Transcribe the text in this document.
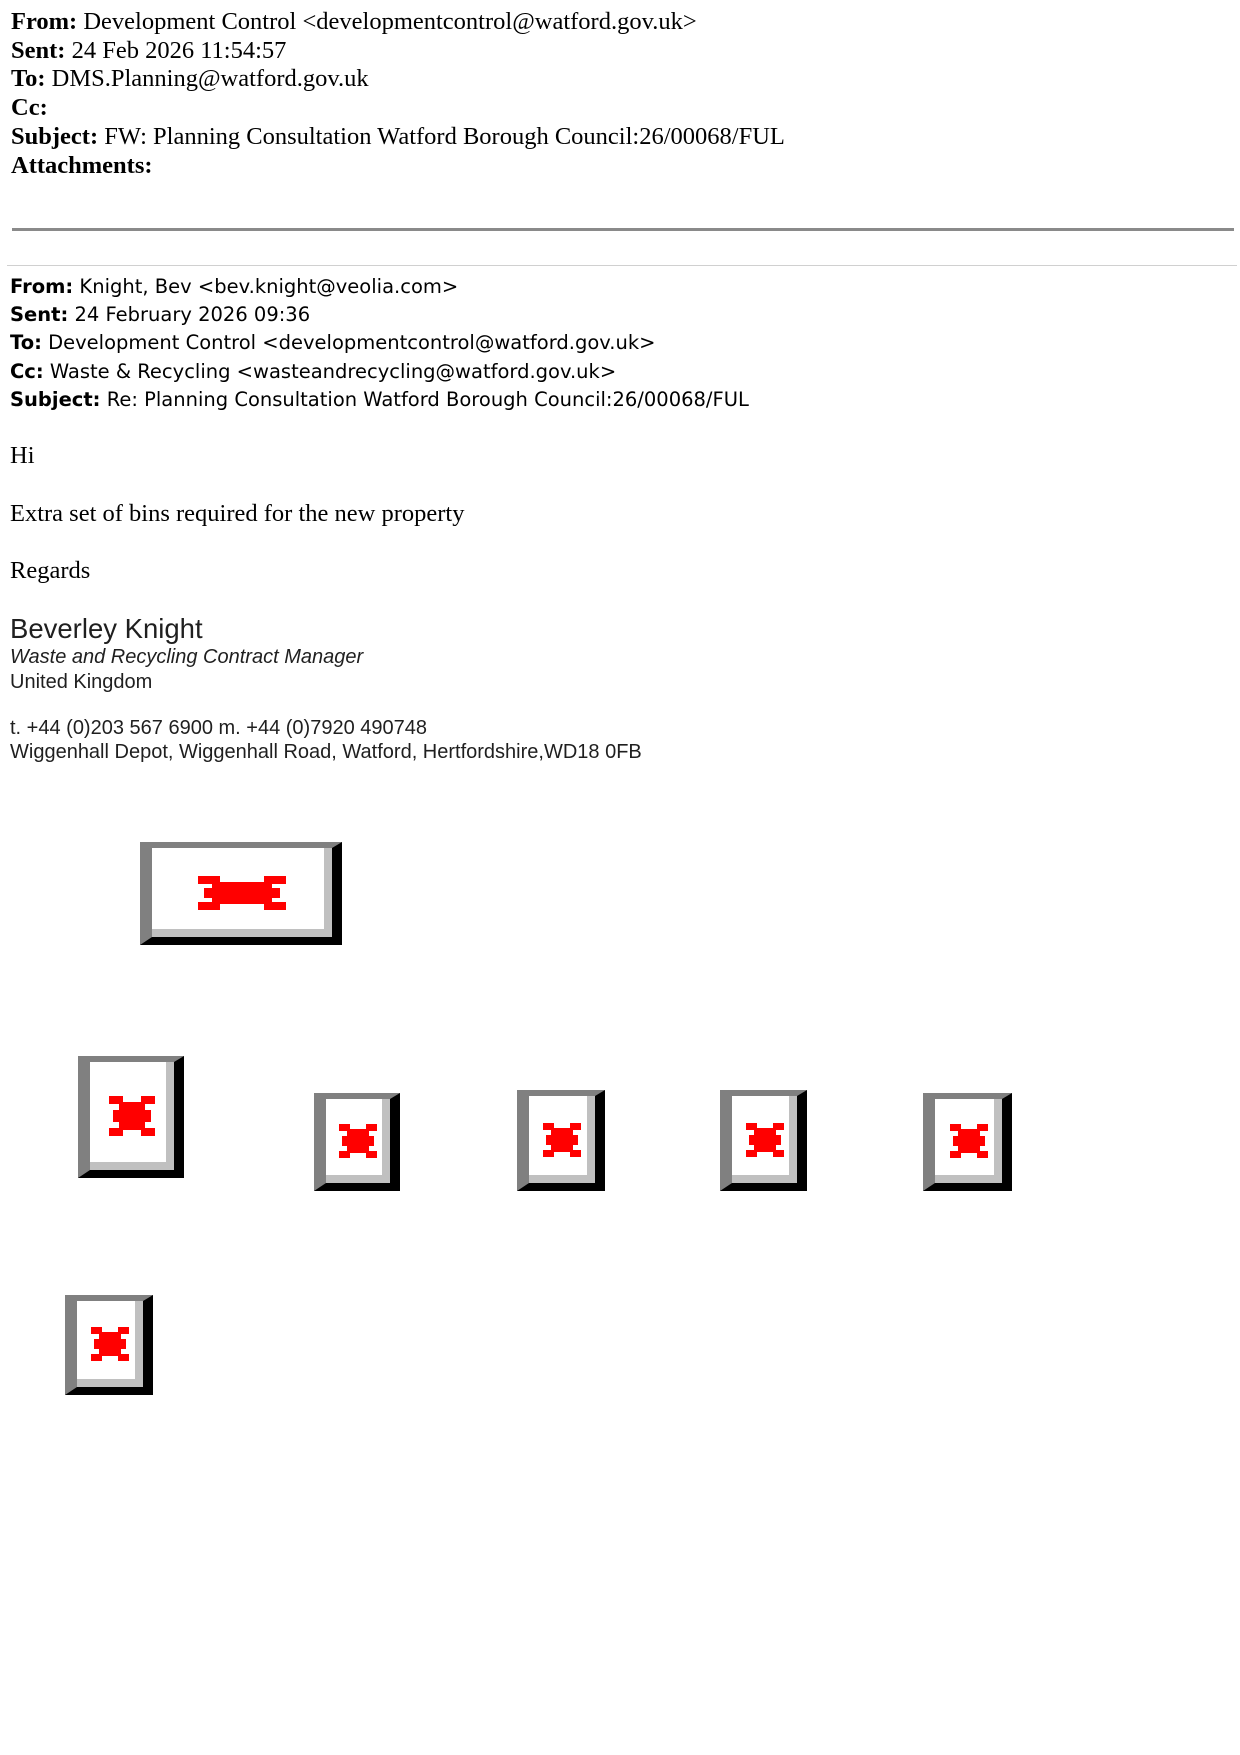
From: Development Control <developmentcontrol@watford.gov.uk>
Sent: 24 Feb 2026 11:54:57
To: DMS.Planning@watford.gov.uk
Cc:
Subject: FW: Planning Consultation Watford Borough Council:26/00068/FUL
Attachments:
From: Knight, Bev <bev.knight@veolia.com>
Sent: 24 February 2026 09:36
To: Development Control <developmentcontrol@watford.gov.uk>
Cc: Waste & Recycling <wasteandrecycling@watford.gov.uk>
Subject: Re: Planning Consultation Watford Borough Council:26/00068/FUL
Hi
Extra set of bins required for the new property
Regards
Beverley Knight
Waste and Recycling Contract Manager
United Kingdom
t. +44 (0)203 567 6900 m. +44 (0)7920 490748
Wiggenhall Depot, Wiggenhall Road, Watford, Hertfordshire,WD18 0FB
